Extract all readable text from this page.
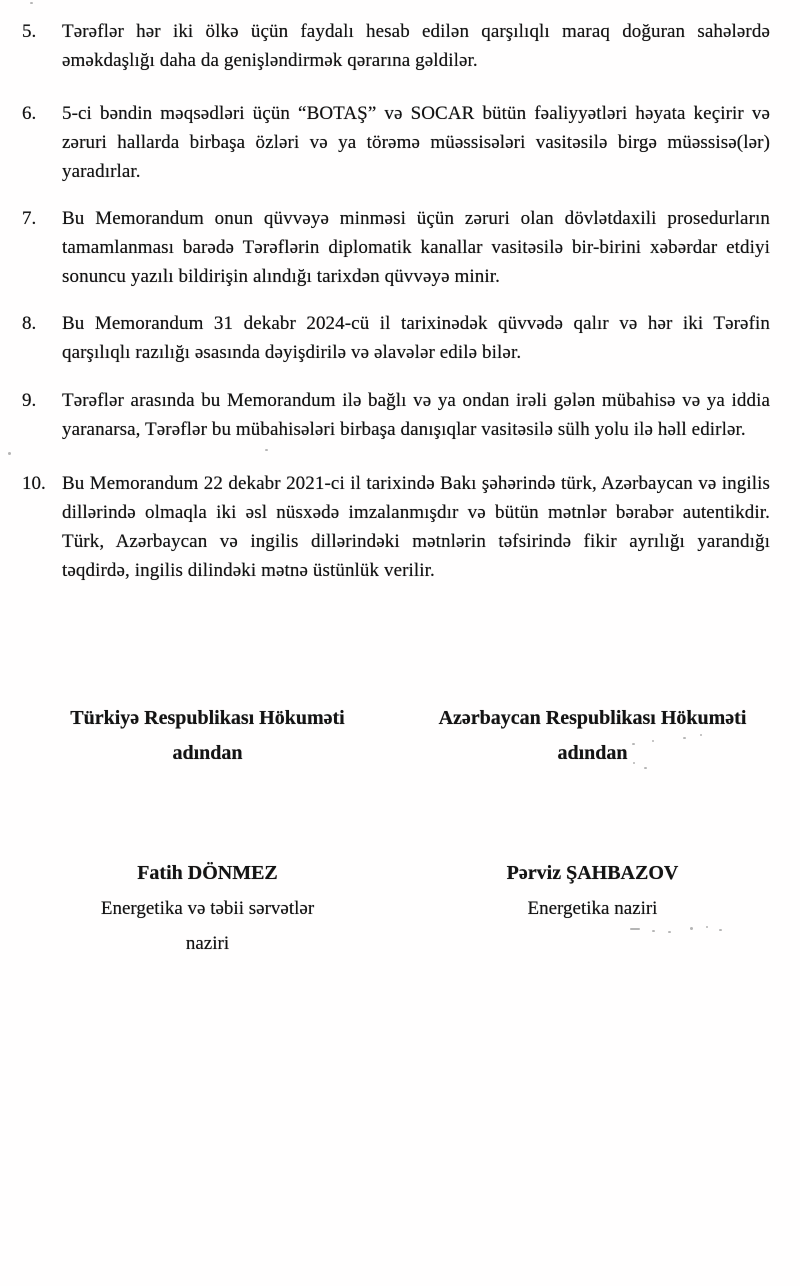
5.	Tərəflər hər iki ölkə üçün faydalı hesab edilən qarşılıqlı maraq doğuran sahələrdə əməkdaşlığı daha da genişləndirmək qərarına gəldilər.
6.	5-ci bəndin məqsədləri üçün “BOTAŞ” və SOCAR bütün fəaliyyətləri həyata keçirir və zəruri hallarda birbaşa özləri və ya törəmə müəssisələri vasitəsilə birgə müəssisə(lər) yaradırlar.
7.	Bu Memorandum onun qüvvəyə minməsi üçün zəruri olan dövlətdaxili prosedurların tamamlanması barədə Tərəflərin diplomatik kanallar vasitəsilə bir-birini xəbərdar etdiyi sonuncu yazılı bildirişin alındığı tarixdən qüvvəyə minir.
8.	Bu Memorandum 31 dekabr 2024-cü il tarixinədək qüvvədə qalır və hər iki Tərəfin qarşılıqlı razılığı əsasında dəyişdirilə və əlavələr edilə bilər.
9.	Tərəflər arasında bu Memorandum ilə bağlı və ya ondan irəli gələn mübahisə və ya iddia yaranarsa, Tərəflər bu mübahisələri birbaşa danışıqlar vasitəsilə sülh yolu ilə həll edirlər.
10. Bu Memorandum 22 dekabr 2021-ci il tarixində Bakı şəhərində türk, Azərbaycan və ingilis dillərində olmaqla iki əsl nüsxədə imzalanmışdır və bütün mətnlər bərabər autentikdir. Türk, Azərbaycan və ingilis dillərindəki mətnlərin təfsirində fikir ayrılığı yarandığı təqdirdə, ingilis dilindəki mətnə üstünlük verilir.
Türkiyə Respublikası Hökuməti
adından
Azərbaycan Respublikası Hökuməti
adından
Fatih DÖNMEZ
Energetika və təbii sərvətlər
naziri
Pərviz ŞAHBAZOV
Energetika naziri
